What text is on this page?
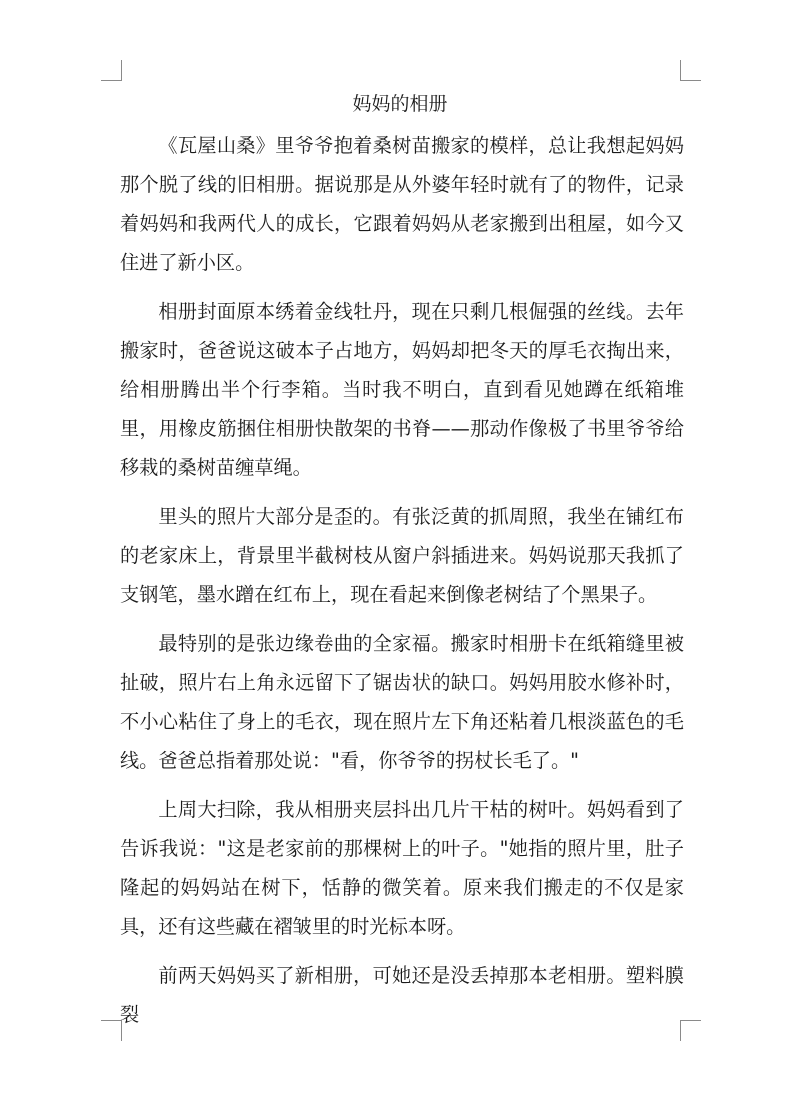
妈妈的相册

《瓦屋山桑》里爷爷抱着桑树苗搬家的模样，总让我想起妈妈那个脱了线的旧相册。据说那是从外婆年轻时就有了的物件，记录着妈妈和我两代人的成长，它跟着妈妈从老家搬到出租屋，如今又住进了新小区。

相册封面原本绣着金线牡丹，现在只剩几根倔强的丝线。去年搬家时，爸爸说这破本子占地方，妈妈却把冬天的厚毛衣掏出来，给相册腾出半个行李箱。当时我不明白，直到看见她蹲在纸箱堆里，用橡皮筋捆住相册快散架的书脊——那动作像极了书里爷爷给移栽的桑树苗缠草绳。

里头的照片大部分是歪的。有张泛黄的抓周照，我坐在铺红布的老家床上，背景里半截树枝从窗户斜插进来。妈妈说那天我抓了支钢笔，墨水蹭在红布上，现在看起来倒像老树结了个黑果子。

最特别的是张边缘卷曲的全家福。搬家时相册卡在纸箱缝里被扯破，照片右上角永远留下了锯齿状的缺口。妈妈用胶水修补时，不小心粘住了身上的毛衣，现在照片左下角还粘着几根淡蓝色的毛线。爸爸总指着那处说："看，你爷爷的拐杖长毛了。"

上周大扫除，我从相册夹层抖出几片干枯的树叶。妈妈看到了告诉我说："这是老家前的那棵树上的叶子。"她指的照片里，肚子隆起的妈妈站在树下，恬静的微笑着。原来我们搬走的不仅是家具，还有这些藏在褶皱里的时光标本呀。

前两天妈妈买了新相册，可她还是没丢掉那本老相册。塑料膜裂
